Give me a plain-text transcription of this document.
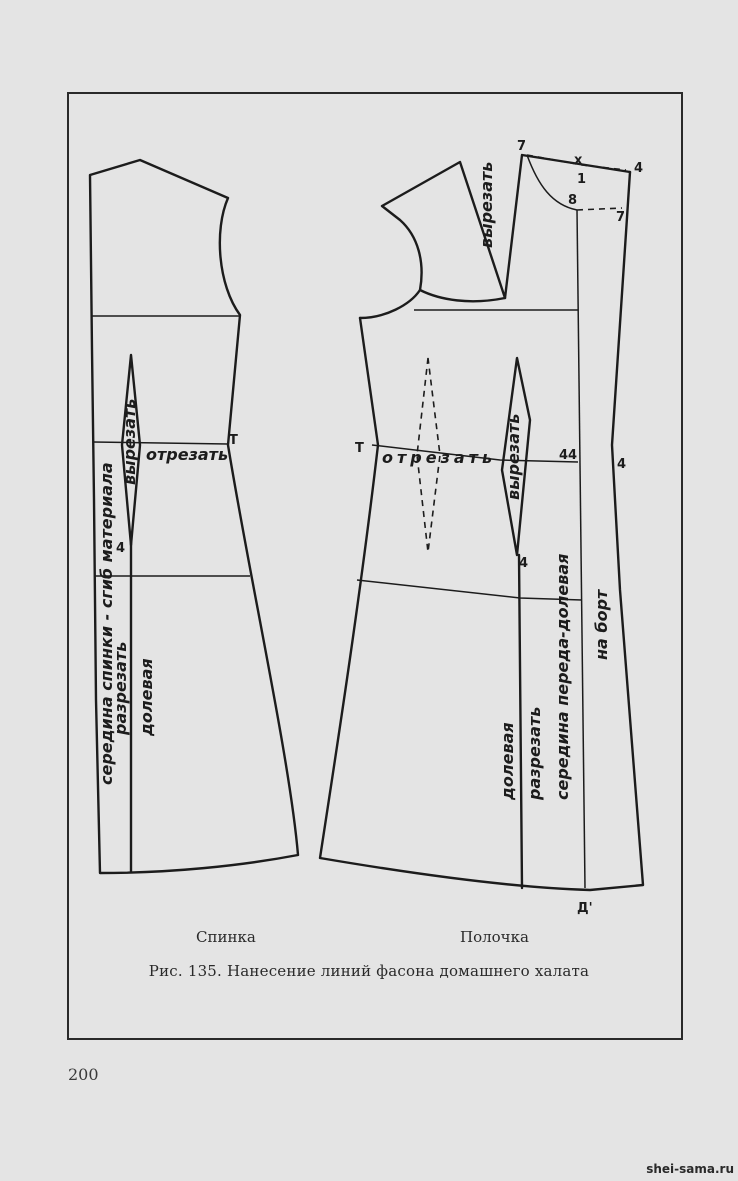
отрезать
вырезать
середина спинки - сгиб материала
разрезать долевая
Т
4
отрезать
вырезать
вырезать
долевая разрезать середина переда-долевая на борт
Т
7
х
1
4
8
7
44
4
4
Д'
Спинка	Полочка
Рис. 135. Нанесение линий фасона домашнего халата
200
shei-sama.ru
